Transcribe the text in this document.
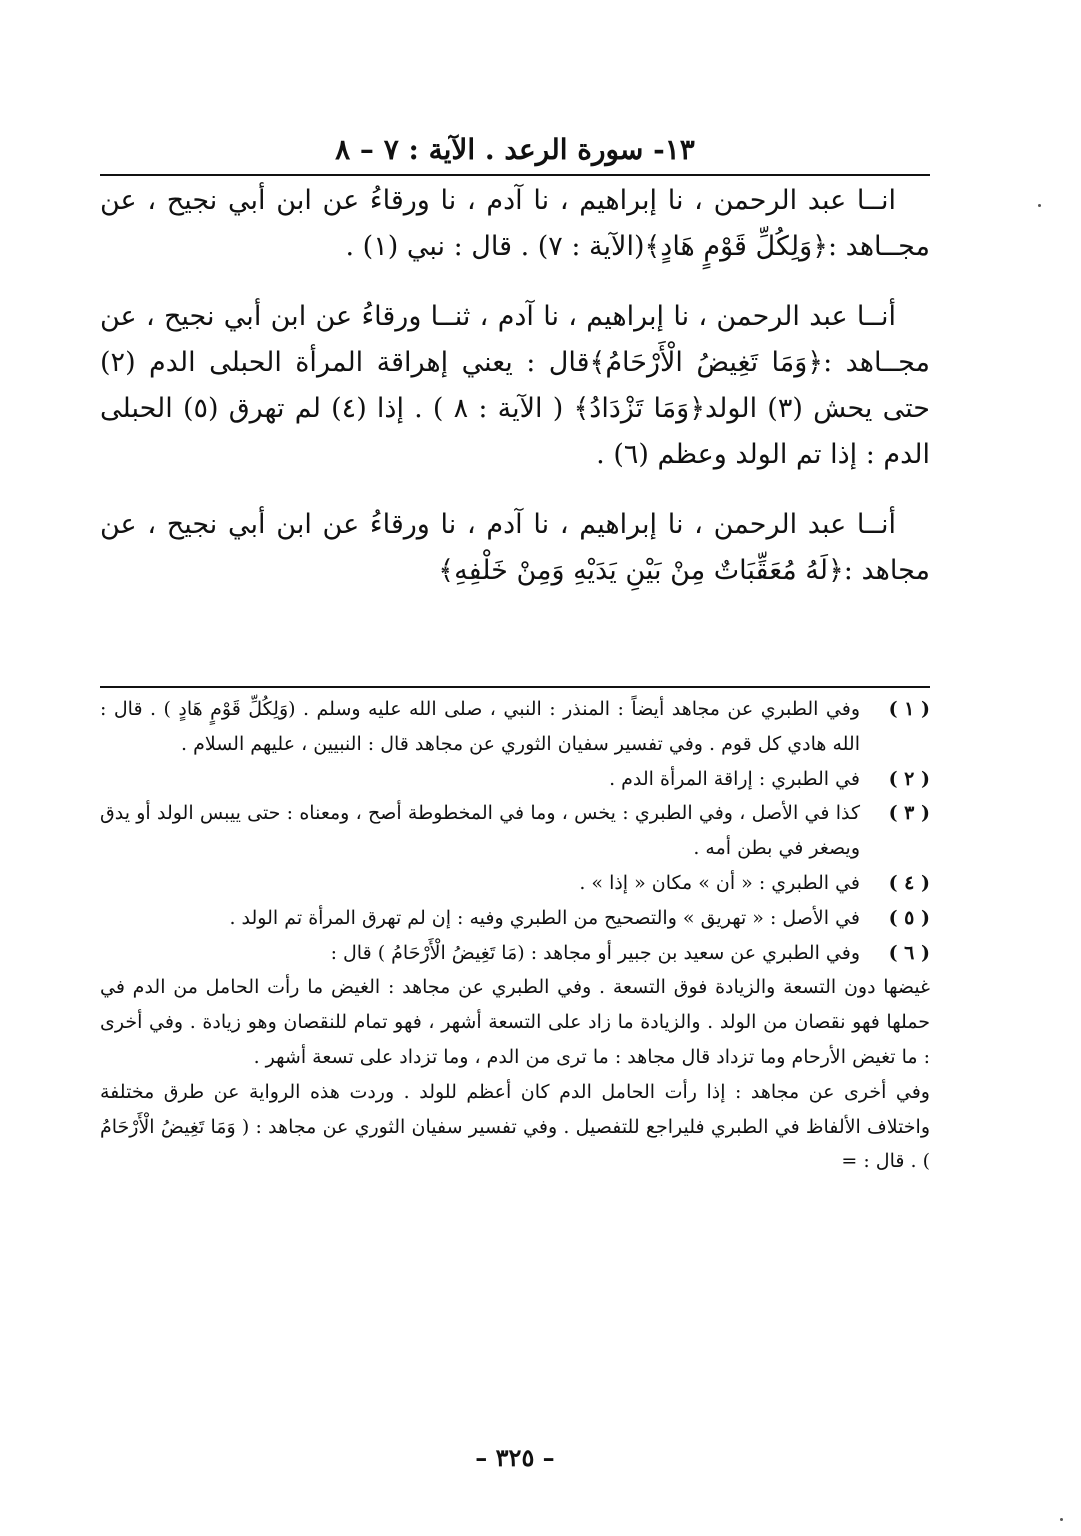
١٣- سورة الرعد . الآية : ٧ – ٨

انــا عبد الرحمن ، نا إبراهيم ، نا آدم ، نا ورقاءُ عن ابن أبي نجيح ، عن مجــاهد :﴿وَلِكُلِّ قَوْمٍ هَادٍ﴾(الآية : ٧) . قال : نبي (١) .

أنــا عبد الرحمن ، نا إبراهيم ، نا آدم ، ثنــا ورقاءُ عن ابن أبي نجيح ، عن مجــاهد :﴿وَمَا تَغِيضُ الْأَرْحَامُ﴾قال : يعني إهراقة المرأة الحبلى الدم (٢) حتى يحش (٣) الولد﴿وَمَا تَزْدَادُ﴾ ( الآية : ٨ ) . إذا (٤) لم تهرق (٥) الحبلى الدم : إذا تم الولد وعظم (٦) .

أنــا عبد الرحمن ، نا إبراهيم ، نا آدم ، نا ورقاءُ عن ابن أبي نجيح ، عن مجاهد :﴿لَهُ مُعَقِّبَاتٌ مِنْ بَيْنِ يَدَيْهِ وَمِنْ خَلْفِهِ﴾

( ١ )
وفي الطبري عن مجاهد أيضاً : المنذر : النبي ، صلى الله عليه وسلم . (وَلِكُلِّ قَوْمٍ هَادٍ ) . قال : الله هادي كل قوم . وفي تفسير سفيان الثوري عن مجاهد قال : النبيين ، عليهم السلام .
( ٢ )
في الطبري : إراقة المرأة الدم .
( ٣ )
كذا في الأصل ، وفي الطبري : يخس ، وما في المخطوطة أصح ، ومعناه : حتى ييبس الولد أو يدق ويصغر في بطن أمه .
( ٤ )
في الطبري : « أن » مكان « إذا » .
( ٥ )
في الأصل : « تهريق » والتصحيح من الطبري وفيه : إن لم تهرق المرأة تم الولد .
( ٦ )
وفي الطبري عن سعيد بن جبير أو مجاهد : (مَا تَغِيضُ الْأَرْحَامُ ) قال :

غيضها دون التسعة والزيادة فوق التسعة . وفي الطبري عن مجاهد : الغيض ما رأت الحامل من الدم في حملها فهو نقصان من الولد . والزيادة ما زاد على التسعة أشهر ، فهو تمام للنقصان وهو زيادة . وفي أخرى : ما تغيض الأرحام وما تزداد قال مجاهد : ما ترى من الدم ، وما تزداد على تسعة أشهر .

وفي أخرى عن مجاهد : إذا رأت الحامل الدم كان أعظم للولد . وردت هذه الرواية عن طرق مختلفة واختلاف الألفاظ في الطبري فليراجع للتفصيل . وفي تفسير سفيان الثوري عن مجاهد : ( وَمَا تَغِيضُ الْأَرْحَامُ ) . قال : =

– ٣٢٥ –
